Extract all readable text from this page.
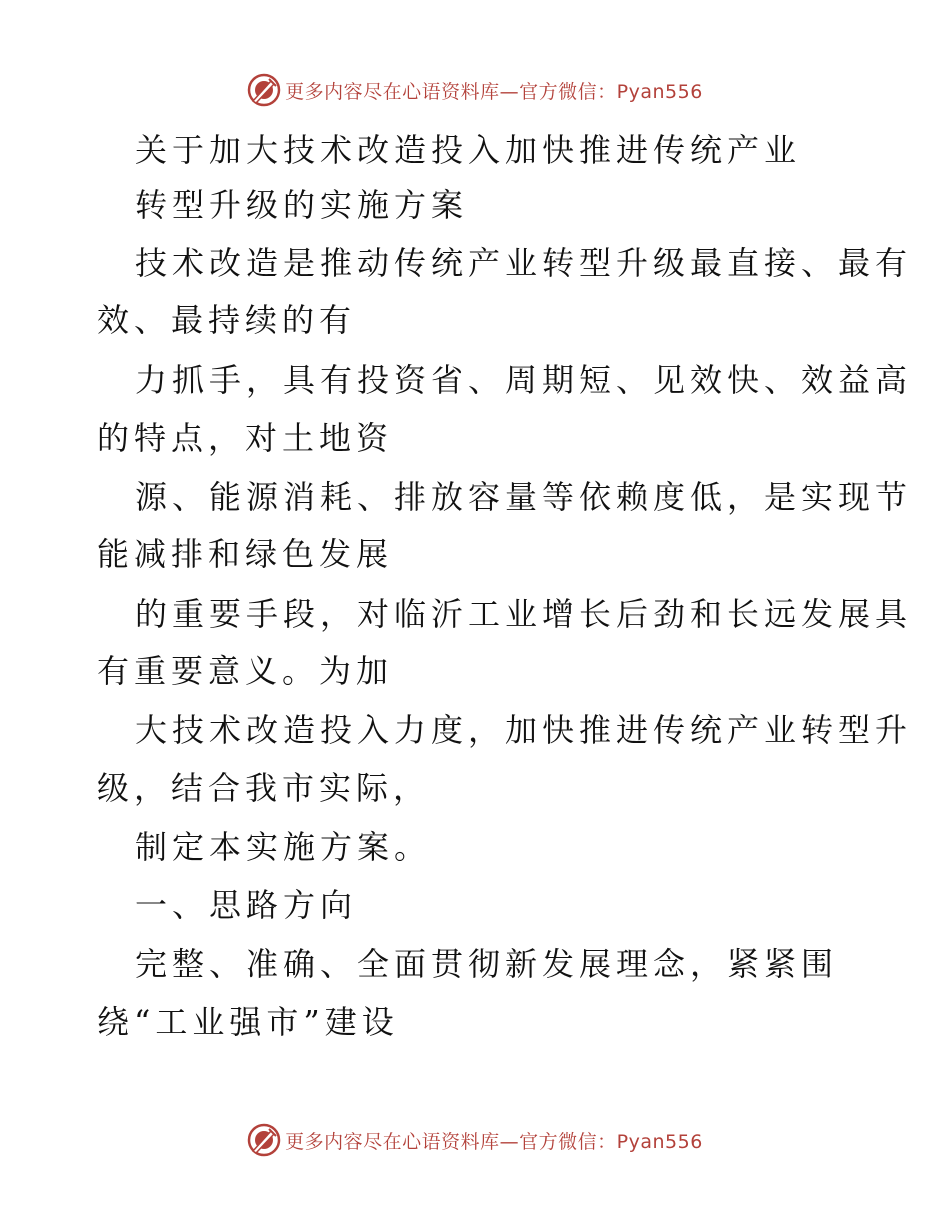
更多内容尽在心语资料库—官方微信：Pyan556
关于加大技术改造投入加快推进传统产业
转型升级的实施方案
技术改造是推动传统产业转型升级最直接、最有
效、最持续的有
力抓手，具有投资省、周期短、见效快、效益高
的特点，对土地资
源、能源消耗、排放容量等依赖度低，是实现节
能减排和绿色发展
的重要手段，对临沂工业增长后劲和长远发展具
有重要意义。为加
大技术改造投入力度，加快推进传统产业转型升
级，结合我市实际，
制定本实施方案。
一、思路方向
完整、准确、全面贯彻新发展理念，紧紧围
绕“工业强市”建设
更多内容尽在心语资料库—官方微信：Pyan556
